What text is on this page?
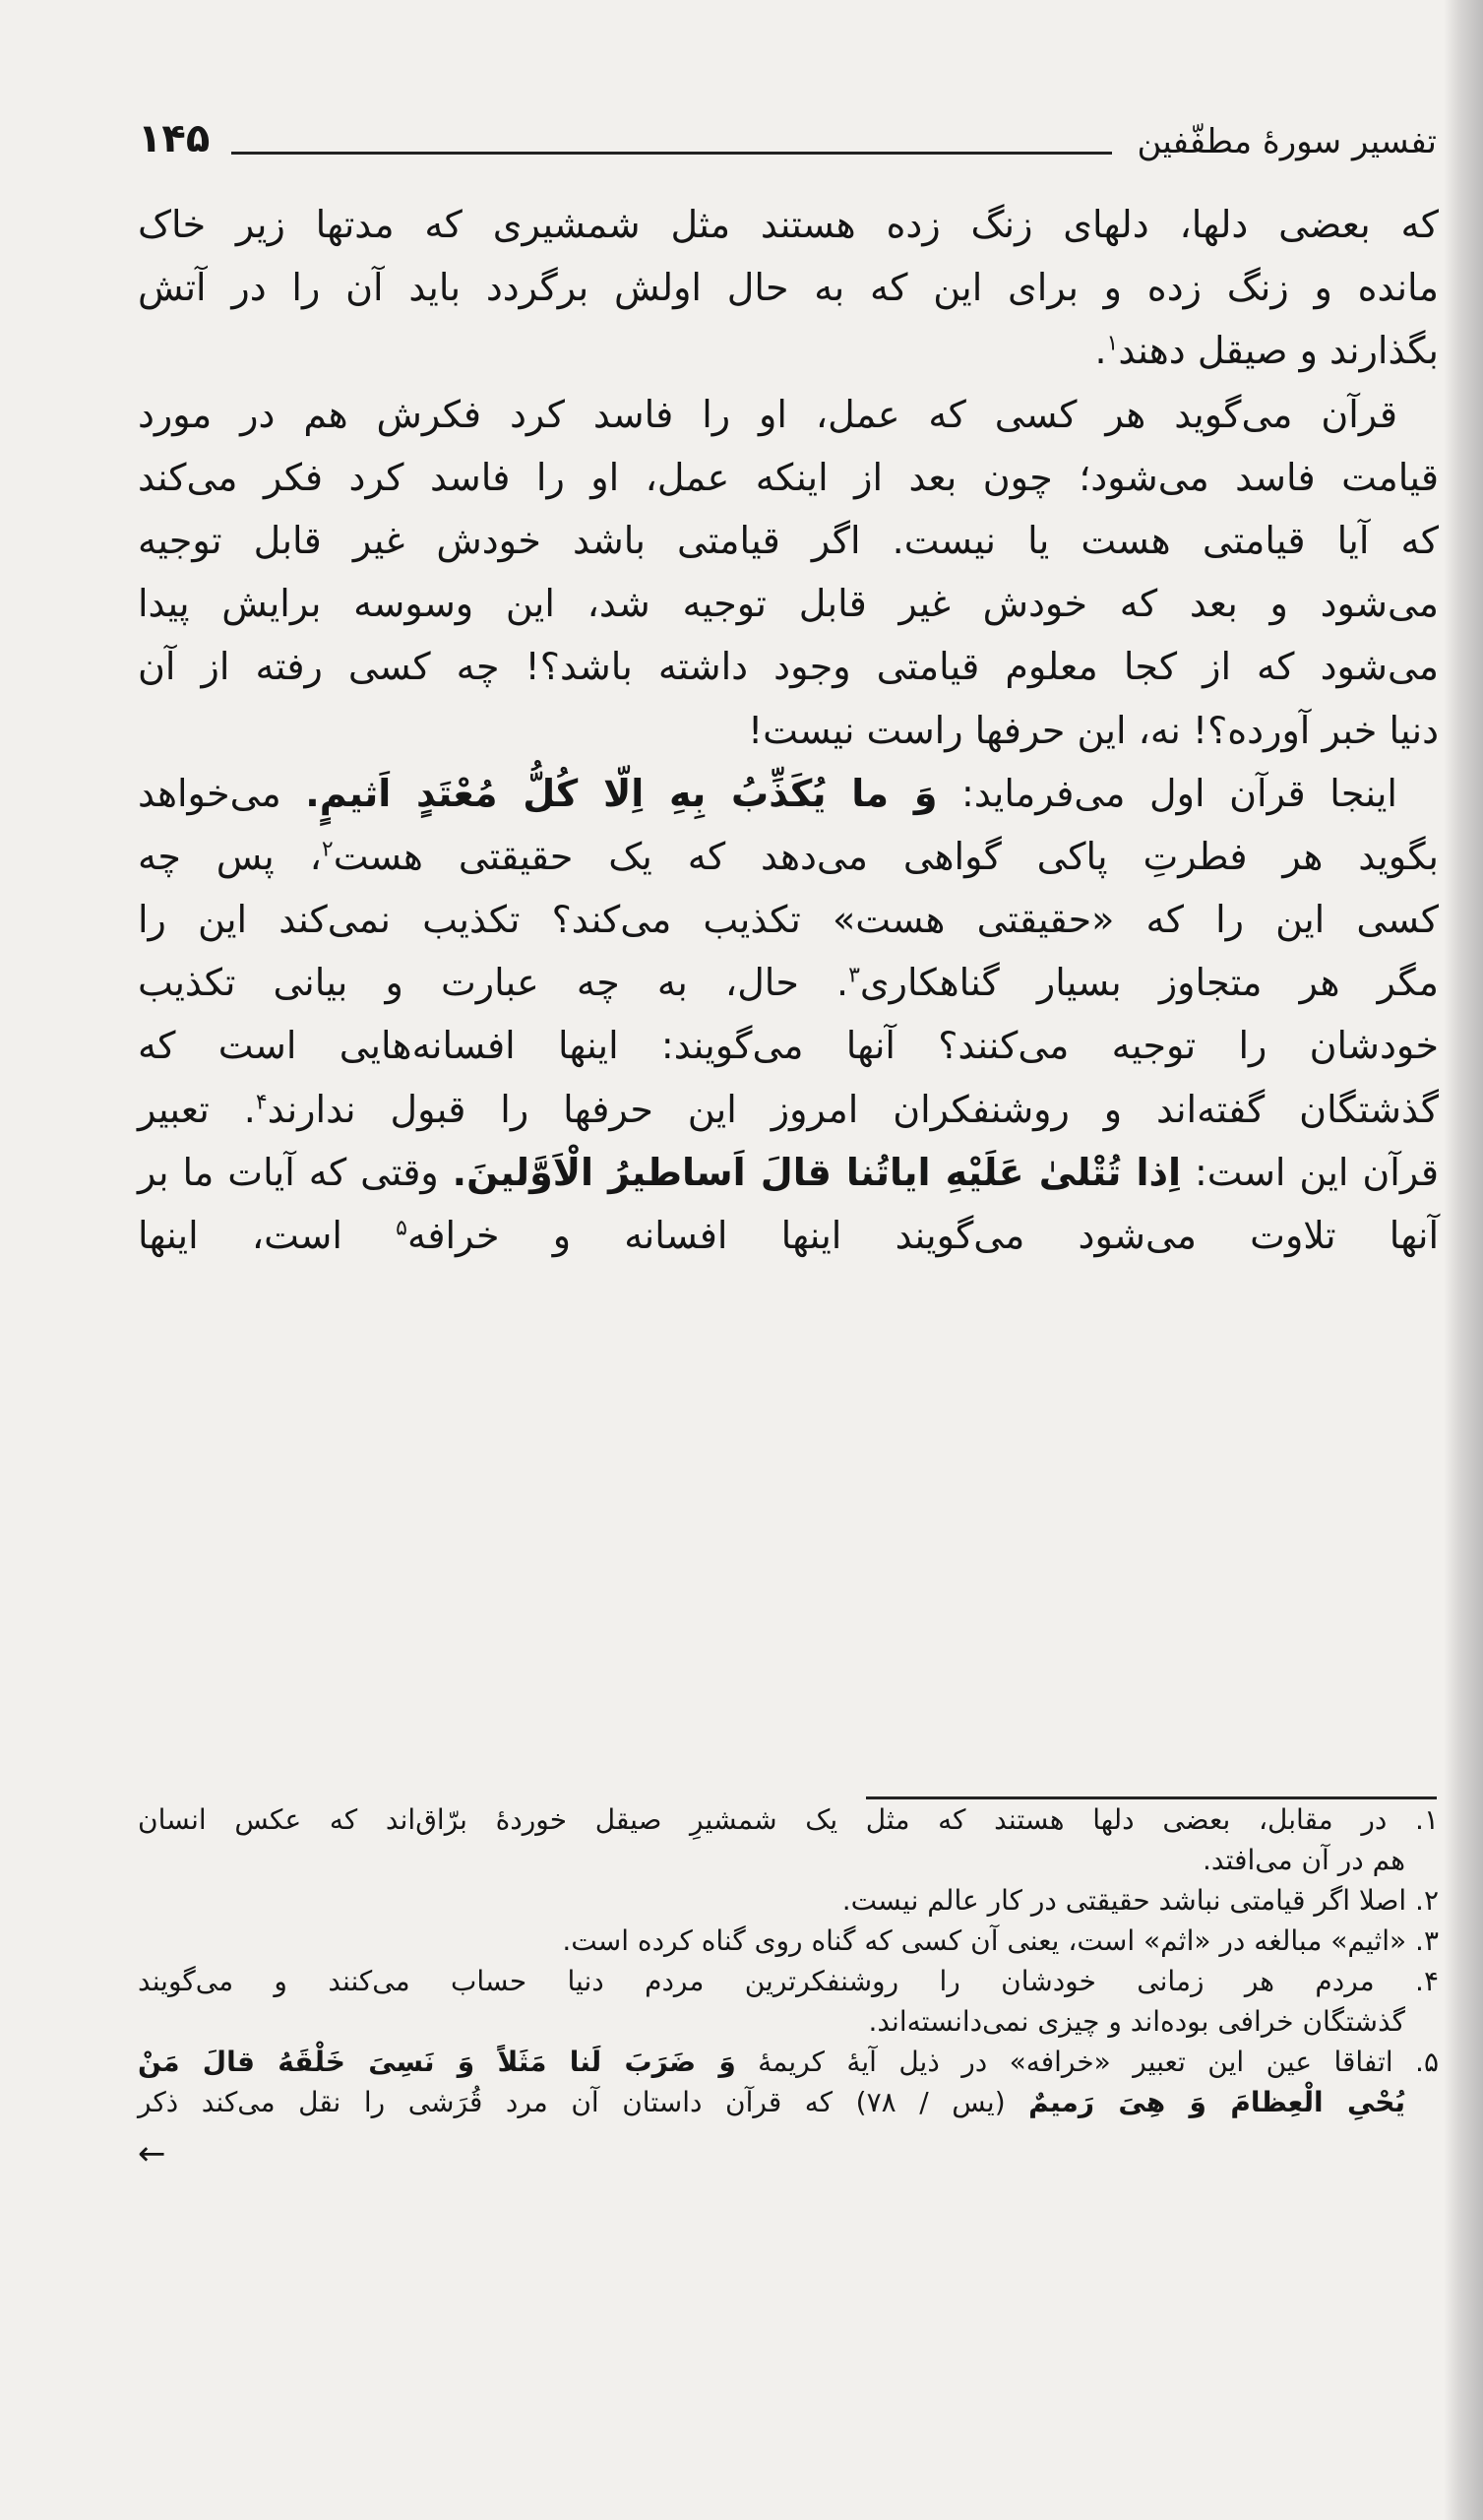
تفسیر سورهٔ مطفّفین
۱۴۵
که بعضی دلها، دلهای زنگ زده هستند مثل شمشیری که مدتها زیر خاک
مانده و زنگ زده و برای این که به حال اولش برگردد باید آن را در آتش
بگذارند و صیقل دهند$^۱$.
قرآن می‌گوید هر کسی که عمل، او را فاسد کرد فکرش هم در مورد
قیامت فاسد می‌شود؛ چون بعد از اینکه عمل، او را فاسد کرد فکر می‌کند
که آیا قیامتی هست یا نیست. اگر قیامتی باشد خودش غیر قابل توجیه
می‌شود و بعد که خودش غیر قابل توجیه شد، این وسوسه برایش پیدا
می‌شود که از کجا معلوم قیامتی وجود داشته باشد؟! چه کسی رفته از آن
دنیا خبر آورده؟! نه، این حرفها راست نیست!
اینجا قرآن اول می‌فرماید: وَ ما یُکَذِّبُ بِهِ اِلّا کُلُّ مُعْتَدٍ اَثیمٍ. می‌خواهد
بگوید هر فطرتِ پاکی گواهی می‌دهد که یک حقیقتی هست$^۲$، پس چه
کسی این را که «حقیقتی هست» تکذیب می‌کند؟ تکذیب نمی‌کند این را
مگر هر متجاوز بسیار گناهکاری$^۳$. حال، به چه عبارت و بیانی تکذیب
خودشان را توجیه می‌کنند؟ آنها می‌گویند: اینها افسانه‌هایی است که
گذشتگان گفته‌اند و روشنفکران امروز این حرفها را قبول ندارند$^۴$. تعبیر
قرآن این است: اِذا تُتْلیٰ عَلَیْهِ ایاتُنا قالَ اَساطیرُ الْاَوَّلینَ. وقتی که آیات ما بر
آنها تلاوت می‌شود می‌گویند اینها افسانه و خرافه$^۵$ است، اینها
۱. در مقابل، بعضی دلها هستند که مثل یک شمشیرِ صیقل خوردهٔ برّاق‌اند که عکس انسان
هم در آن می‌افتد.
۲. اصلا اگر قیامتی نباشد حقیقتی در کار عالم نیست.
۳. «اثیم» مبالغه در «اثم» است، یعنی آن کسی که گناه روی گناه کرده است.
۴. مردم هر زمانی خودشان را روشنفکرترین مردم دنیا حساب می‌کنند و می‌گویند
گذشتگان خرافی بوده‌اند و چیزی نمی‌دانسته‌اند.
۵. اتفاقا عین این تعبیر «خرافه» در ذیل آیهٔ کریمهٔ وَ ضَرَبَ لَنا مَثَلاً وَ نَسِیَ خَلْقَهُ قالَ مَنْ
یُحْیِ الْعِظامَ وَ هِیَ رَمیمٌ (یس / ۷۸) که قرآن داستان آن مرد قُرَشی را نقل می‌کند ذکر
←
